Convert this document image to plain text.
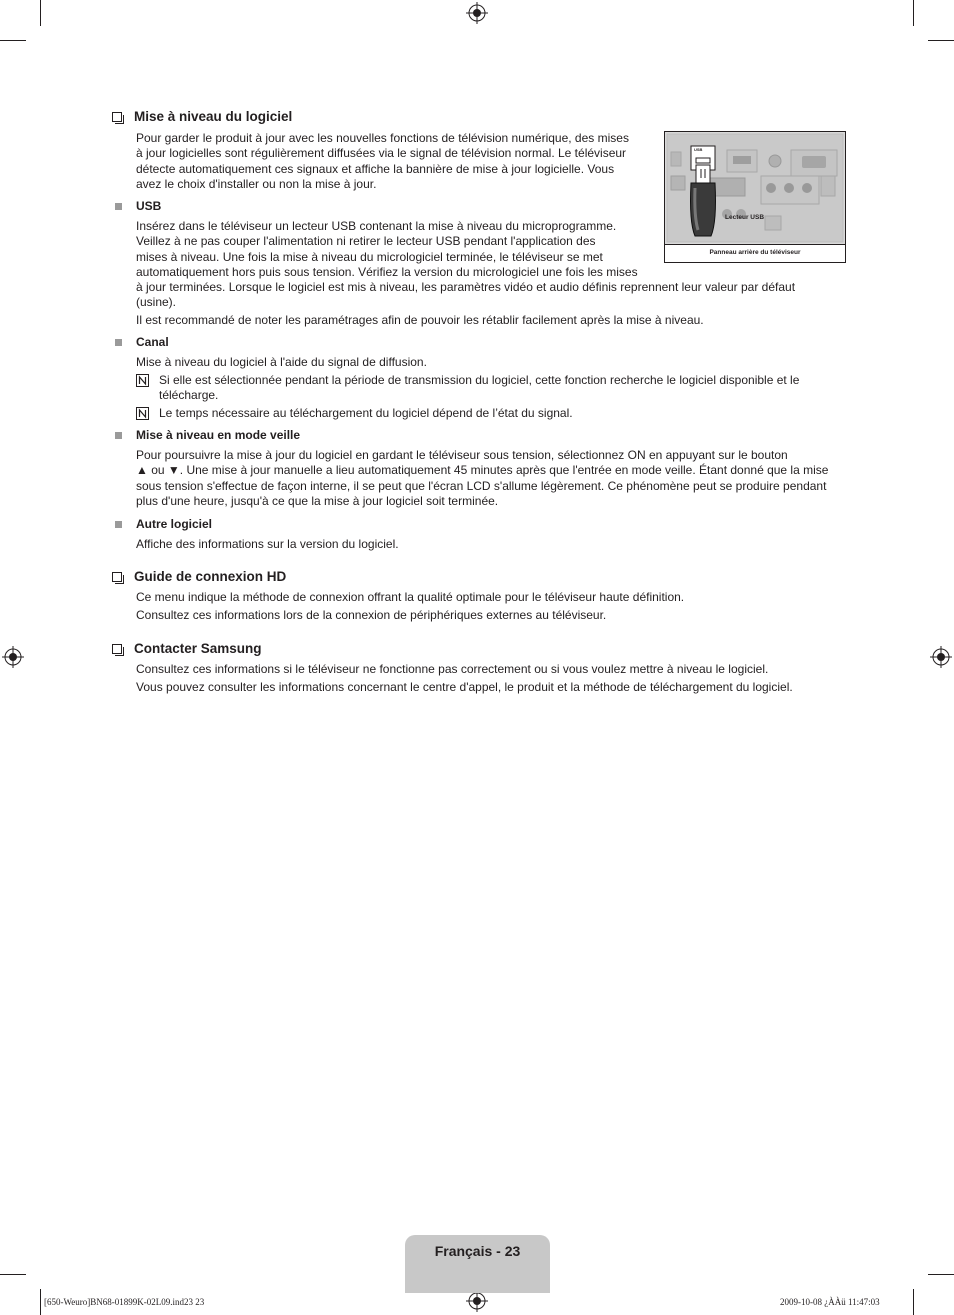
Mise à niveau du logiciel
Pour garder le produit à jour avec les nouvelles fonctions de télévision numérique, des mises
à jour logicielles sont régulièrement diffusées via le signal de télévision normal. Le téléviseur
détecte automatiquement ces signaux et affiche la bannière de mise à jour logicielle. Vous
avez le choix d'installer ou non la mise à jour.
USB
Insérez dans le téléviseur un lecteur USB contenant la mise à niveau du microprogramme.
Veillez à ne pas couper l'alimentation ni retirer le lecteur USB pendant l'application des
mises à niveau. Une fois la mise à niveau du micrologiciel terminée, le téléviseur se met
automatiquement hors puis sous tension. Vérifiez la version du micrologiciel une fois les mises
à jour terminées. Lorsque le logiciel est mis à niveau, les paramètres vidéo et audio définis reprennent leur valeur par défaut
(usine).
Il est recommandé de noter les paramétrages afin de pouvoir les rétablir facilement après la mise à niveau.
USB
Lecteur USB
Panneau arrière du téléviseur
Canal
Mise à niveau du logiciel à l'aide du signal de diffusion.
Si elle est sélectionnée pendant la période de transmission du logiciel, cette fonction recherche le logiciel disponible et le
télécharge.
Le temps nécessaire au téléchargement du logiciel dépend de l’état du signal.
Mise à niveau en mode veille
Pour poursuivre la mise à jour du logiciel en gardant le téléviseur sous tension, sélectionnez ON en appuyant sur le bouton
▲ ou ▼. Une mise à jour manuelle a lieu automatiquement 45 minutes après que l'entrée en mode veille. Étant donné que la mise
sous tension s'effectue de façon interne, il se peut que l'écran LCD s'allume légèrement. Ce phénomène peut se produire pendant
plus d'une heure, jusqu'à ce que la mise à jour logiciel soit terminée.
Autre logiciel
Affiche des informations sur la version du logiciel.
Guide de connexion HD
Ce menu indique la méthode de connexion offrant la qualité optimale pour le téléviseur haute définition.
Consultez ces informations lors de la connexion de périphériques externes au téléviseur.
Contacter Samsung
Consultez ces informations si le téléviseur ne fonctionne pas correctement ou si vous voulez mettre à niveau le logiciel.
Vous pouvez consulter les informations concernant le centre d'appel, le produit et la méthode de téléchargement du logiciel.
Français - 23
[650-Weuro]BN68-01899K-02L09.ind23 23	2009-10-08 ¿ÀÀü 11:47:03
